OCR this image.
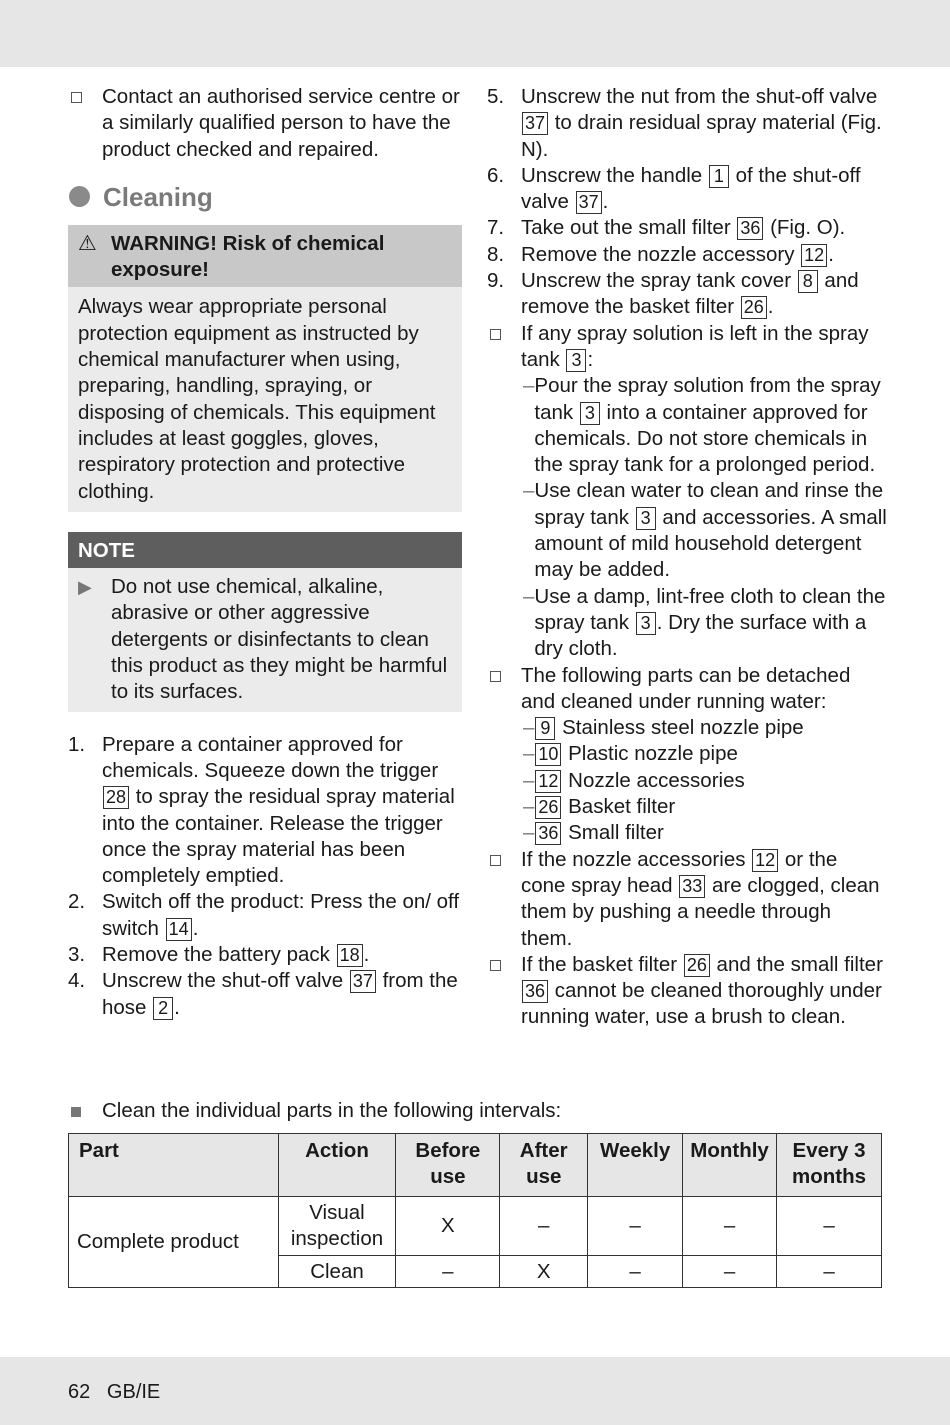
Contact an authorised service centre or a similarly qualified person to have the product checked and repaired.
Cleaning
⚠ WARNING! Risk of chemical exposure!
Always wear appropriate personal protection equipment as instructed by chemical manufacturer when using, preparing, handling, spraying, or disposing of chemicals. This equipment includes at least goggles, gloves, respiratory protection and protective clothing.
NOTE
▶ Do not use chemical, alkaline, abrasive or other aggressive detergents or disinfectants to clean this product as they might be harmful to its surfaces.
1. Prepare a container approved for chemicals. Squeeze down the trigger 28 to spray the residual spray material into the container. Release the trigger once the spray material has been completely emptied.
2. Switch off the product: Press the on/ off switch 14 .
3. Remove the battery pack 18 .
4. Unscrew the shut-off valve 37 from the hose 2 .
5. Unscrew the nut from the shut-off valve 37 to drain residual spray material (Fig. N).
6. Unscrew the handle 1 of the shut-off valve 37 .
7. Take out the small filter 36 (Fig. O).
8. Remove the nozzle accessory 12 .
9. Unscrew the spray tank cover 8 and remove the basket filter 26 .
If any spray solution is left in the spray tank 3 :
– Pour the spray solution from the spray tank 3 into a container approved for chemicals. Do not store chemicals in the spray tank for a prolonged period.
– Use clean water to clean and rinse the spray tank 3 and accessories. A small amount of mild household detergent may be added.
– Use a damp, lint-free cloth to clean the spray tank 3 . Dry the surface with a dry cloth.
The following parts can be detached and cleaned under running water:
– 9 Stainless steel nozzle pipe
– 10 Plastic nozzle pipe
– 12 Nozzle accessories
– 26 Basket filter
– 36 Small filter
If the nozzle accessories 12 or the cone spray head 33 are clogged, clean them by pushing a needle through them.
If the basket filter 26 and the small filter 36 cannot be cleaned thoroughly under running water, use a brush to clean.
Clean the individual parts in the following intervals:
Part	Action	Before use	After use	Weekly	Monthly	Every 3 months
Complete product	Visual inspection	X	–	–	–	–
	Clean	–	X	–	–	–
62   GB/IE
